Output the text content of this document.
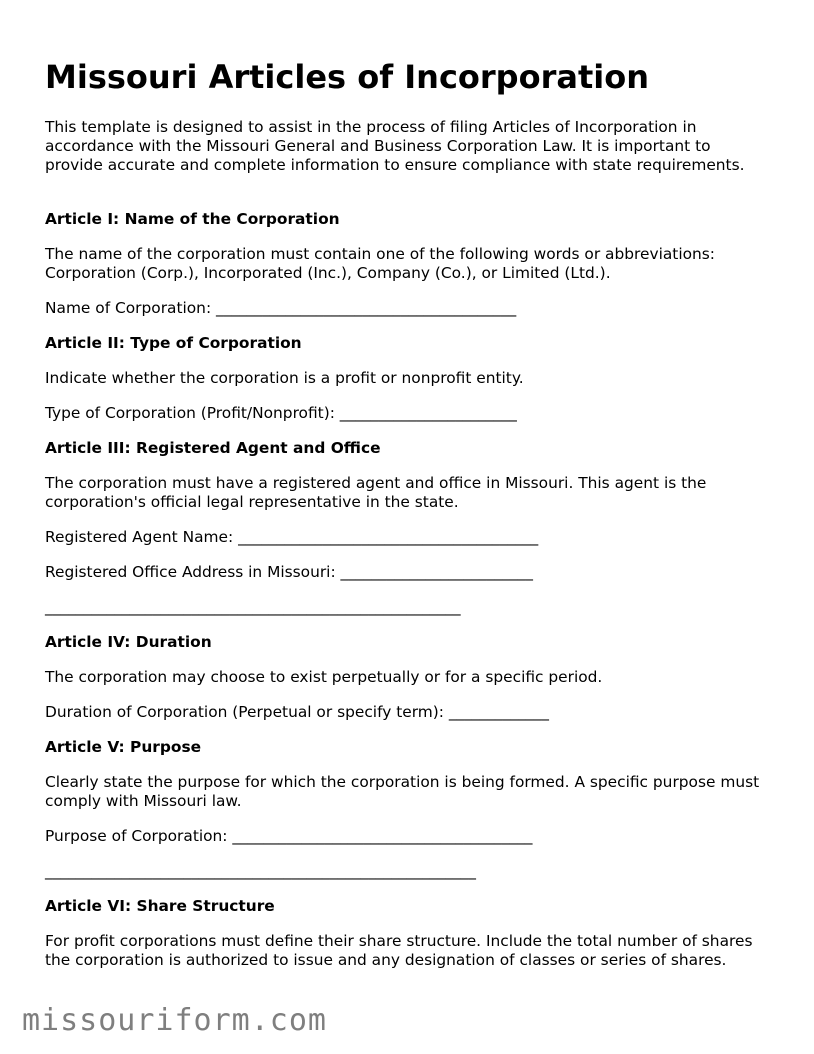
Missouri Articles of Incorporation

This template is designed to assist in the process of filing Articles of Incorporation in accordance with the Missouri General and Business Corporation Law. It is important to provide accurate and complete information to ensure compliance with state requirements.

Article I: Name of the Corporation

The name of the corporation must contain one of the following words or abbreviations: Corporation (Corp.), Incorporated (Inc.), Company (Co.), or Limited (Ltd.).

Name of Corporation: _______________________________________

Article II: Type of Corporation

Indicate whether the corporation is a profit or nonprofit entity.

Type of Corporation (Profit/Nonprofit): _______________________

Article III: Registered Agent and Office

The corporation must have a registered agent and office in Missouri. This agent is the corporation's official legal representative in the state.

Registered Agent Name: _______________________________________

Registered Office Address in Missouri: _________________________

______________________________________________________

Article IV: Duration

The corporation may choose to exist perpetually or for a specific period.

Duration of Corporation (Perpetual or specify term): _____________

Article V: Purpose

Clearly state the purpose for which the corporation is being formed. A specific purpose must comply with Missouri law.

Purpose of Corporation: _______________________________________

________________________________________________________

Article VI: Share Structure

For profit corporations must define their share structure. Include the total number of shares the corporation is authorized to issue and any designation of classes or series of shares.

missouriform.com
